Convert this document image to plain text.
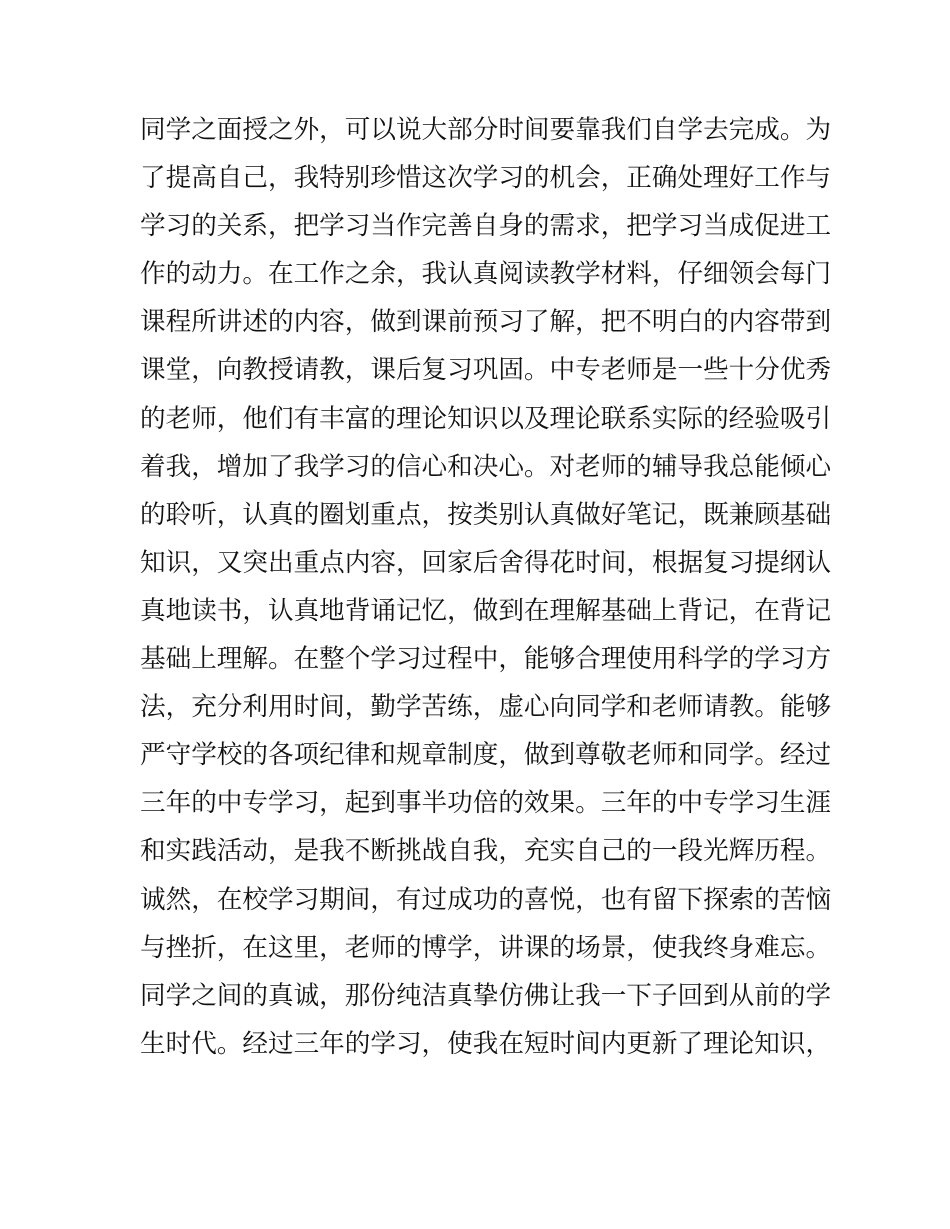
同学之面授之外，可以说大部分时间要靠我们自学去完成。为
了提高自己，我特别珍惜这次学习的机会，正确处理好工作与
学习的关系，把学习当作完善自身的需求，把学习当成促进工
作的动力。在工作之余，我认真阅读教学材料，仔细领会每门
课程所讲述的内容，做到课前预习了解，把不明白的内容带到
课堂，向教授请教，课后复习巩固。中专老师是一些十分优秀
的老师，他们有丰富的理论知识以及理论联系实际的经验吸引
着我，增加了我学习的信心和决心。对老师的辅导我总能倾心
的聆听，认真的圈划重点，按类别认真做好笔记，既兼顾基础
知识，又突出重点内容，回家后舍得花时间，根据复习提纲认
真地读书，认真地背诵记忆，做到在理解基础上背记，在背记
基础上理解。在整个学习过程中，能够合理使用科学的学习方
法，充分利用时间，勤学苦练，虚心向同学和老师请教。能够
严守学校的各项纪律和规章制度，做到尊敬老师和同学。经过
三年的中专学习，起到事半功倍的效果。三年的中专学习生涯
和实践活动，是我不断挑战自我，充实自己的一段光辉历程。
诚然，在校学习期间，有过成功的喜悦，也有留下探索的苦恼
与挫折，在这里，老师的博学，讲课的场景，使我终身难忘。
同学之间的真诚，那份纯洁真挚仿佛让我一下子回到从前的学
生时代。经过三年的学习，使我在短时间内更新了理论知识，
